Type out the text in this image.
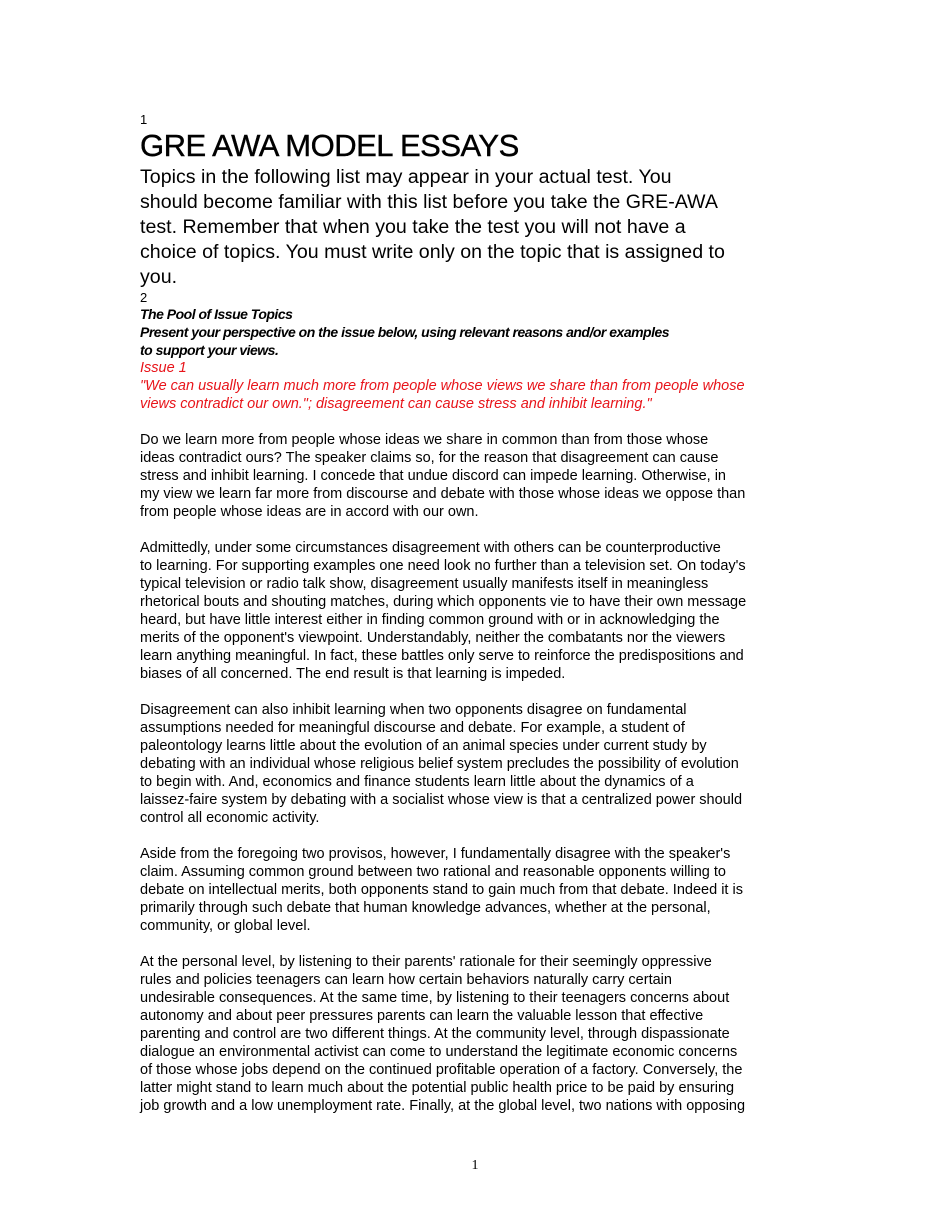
1

GRE AWA MODEL ESSAYS

Topics in the following list may appear in your actual test. You
should become familiar with this list before you take the GRE-AWA
test. Remember that when you take the test you will not have a
choice of topics. You must write only on the topic that is assigned to
you.

2

The Pool of Issue Topics

Present your perspective on the issue below, using relevant reasons and/or examples
to support your views.

Issue 1

"We can usually learn much more from people whose views we share than from people whose
views contradict our own."; disagreement can cause stress and inhibit learning."

Do we learn more from people whose ideas we share in common than from those whose
ideas contradict ours? The speaker claims so, for the reason that disagreement can cause
stress and inhibit learning. I concede that undue discord can impede learning. Otherwise, in
my view we learn far more from discourse and debate with those whose ideas we oppose than
from people whose ideas are in accord with our own.

Admittedly, under some circumstances disagreement with others can be counterproductive
to learning. For supporting examples one need look no further than a television set. On today's
typical television or radio talk show, disagreement usually manifests itself in meaningless
rhetorical bouts and shouting matches, during which opponents vie to have their own message
heard, but have little interest either in finding common ground with or in acknowledging the
merits of the opponent's viewpoint. Understandably, neither the combatants nor the viewers
learn anything meaningful. In fact, these battles only serve to reinforce the predispositions and
biases of all concerned. The end result is that learning is impeded.

Disagreement can also inhibit learning when two opponents disagree on fundamental
assumptions needed for meaningful discourse and debate. For example, a student of
paleontology learns little about the evolution of an animal species under current study by
debating with an individual whose religious belief system precludes the possibility of evolution
to begin with. And, economics and finance students learn little about the dynamics of a
laissez-faire system by debating with a socialist whose view is that a centralized power should
control all economic activity.

Aside from the foregoing two provisos, however, I fundamentally disagree with the speaker's
claim. Assuming common ground between two rational and reasonable opponents willing to
debate on intellectual merits, both opponents stand to gain much from that debate. Indeed it is
primarily through such debate that human knowledge advances, whether at the personal,
community, or global level.

At the personal level, by listening to their parents' rationale for their seemingly oppressive
rules and policies teenagers can learn how certain behaviors naturally carry certain
undesirable consequences. At the same time, by listening to their teenagers concerns about
autonomy and about peer pressures parents can learn the valuable lesson that effective
parenting and control are two different things. At the community level, through dispassionate
dialogue an environmental activist can come to understand the legitimate economic concerns
of those whose jobs depend on the continued profitable operation of a factory. Conversely, the
latter might stand to learn much about the potential public health price to be paid by ensuring
job growth and a low unemployment rate. Finally, at the global level, two nations with opposing

1
